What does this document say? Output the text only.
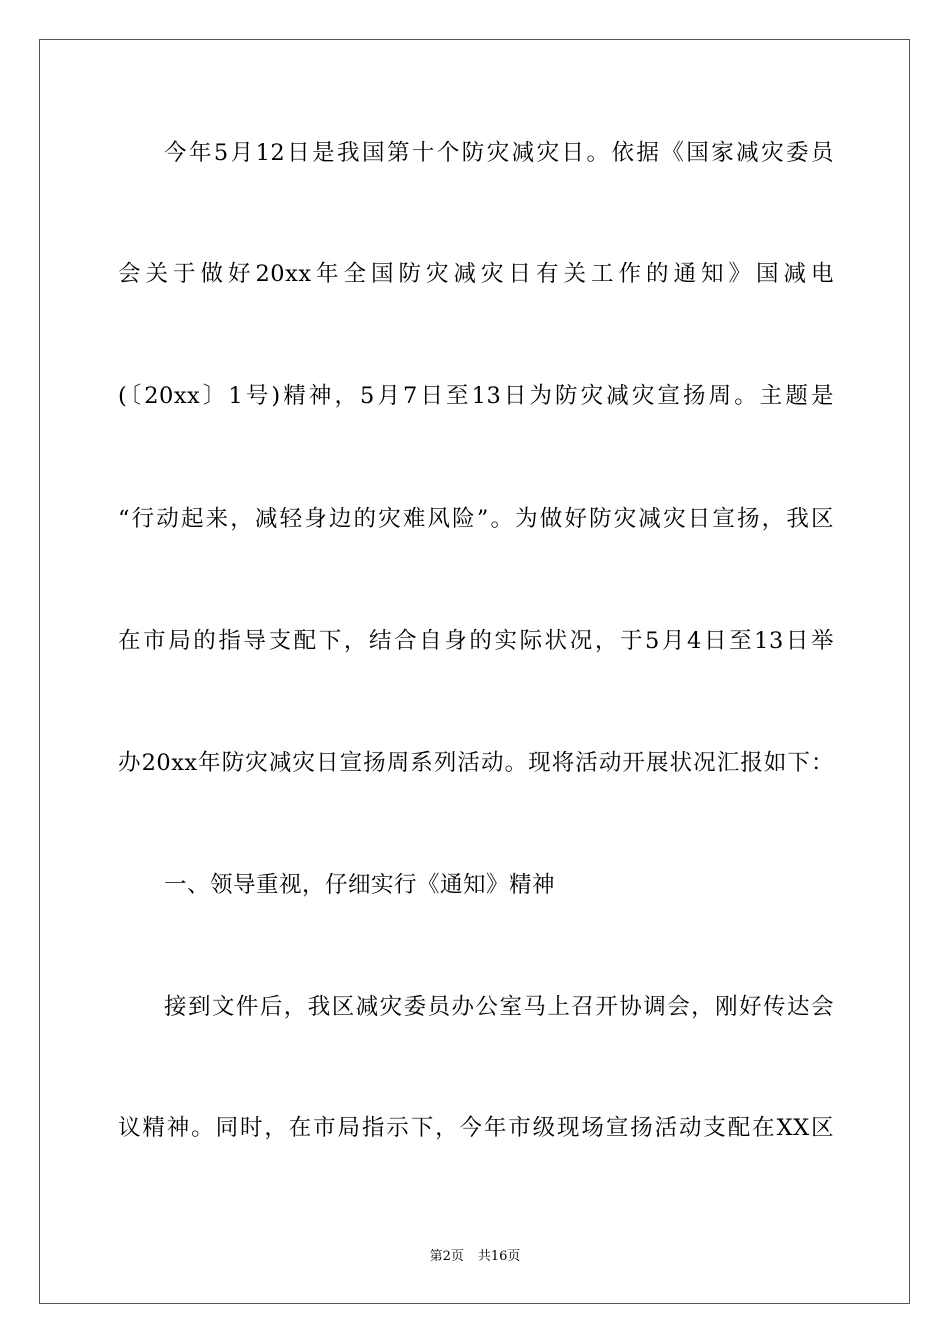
今年5月12日是我国第十个防灾减灾日。依据《国家减灾委员
会关于做好20xx年全国防灾减灾日有关工作的通知》国减电
(〔20xx〕1号)精神，5月7日至13日为防灾减灾宣扬周。主题是
“行动起来，减轻身边的灾难风险”。为做好防灾减灾日宣扬，我区
在市局的指导支配下，结合自身的实际状况，于5月4日至13日举
办20xx年防灾减灾日宣扬周系列活动。现将活动开展状况汇报如下：
一、领导重视，仔细实行《通知》精神
接到文件后，我区减灾委员办公室马上召开协调会，刚好传达会
议精神。同时，在市局指示下，今年市级现场宣扬活动支配在XX区
第2页 共16页
